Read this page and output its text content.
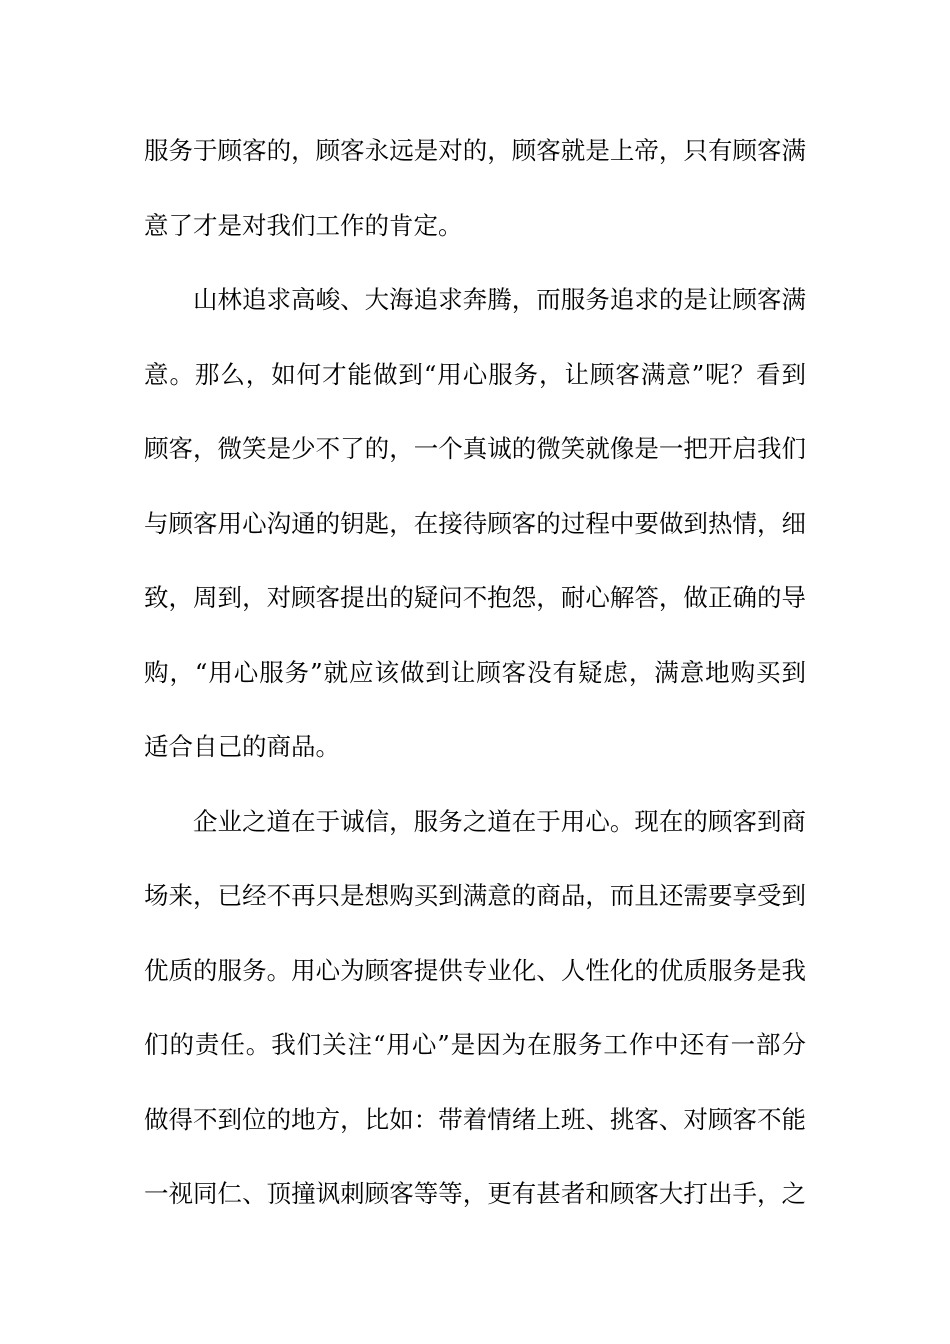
服务于顾客的，顾客永远是对的，顾客就是上帝，只有顾客满
意了才是对我们工作的肯定。
山林追求高峻、大海追求奔腾，而服务追求的是让顾客满
意。那么，如何才能做到“用心服务，让顾客满意”呢？看到
顾客，微笑是少不了的，一个真诚的微笑就像是一把开启我们
与顾客用心沟通的钥匙，在接待顾客的过程中要做到热情，细
致，周到，对顾客提出的疑问不抱怨，耐心解答，做正确的导
购，“用心服务”就应该做到让顾客没有疑虑，满意地购买到
适合自己的商品。
企业之道在于诚信，服务之道在于用心。现在的顾客到商
场来，已经不再只是想购买到满意的商品，而且还需要享受到
优质的服务。用心为顾客提供专业化、人性化的优质服务是我
们的责任。我们关注“用心”是因为在服务工作中还有一部分
做得不到位的地方，比如：带着情绪上班、挑客、对顾客不能
一视同仁、顶撞讽刺顾客等等，更有甚者和顾客大打出手，之
